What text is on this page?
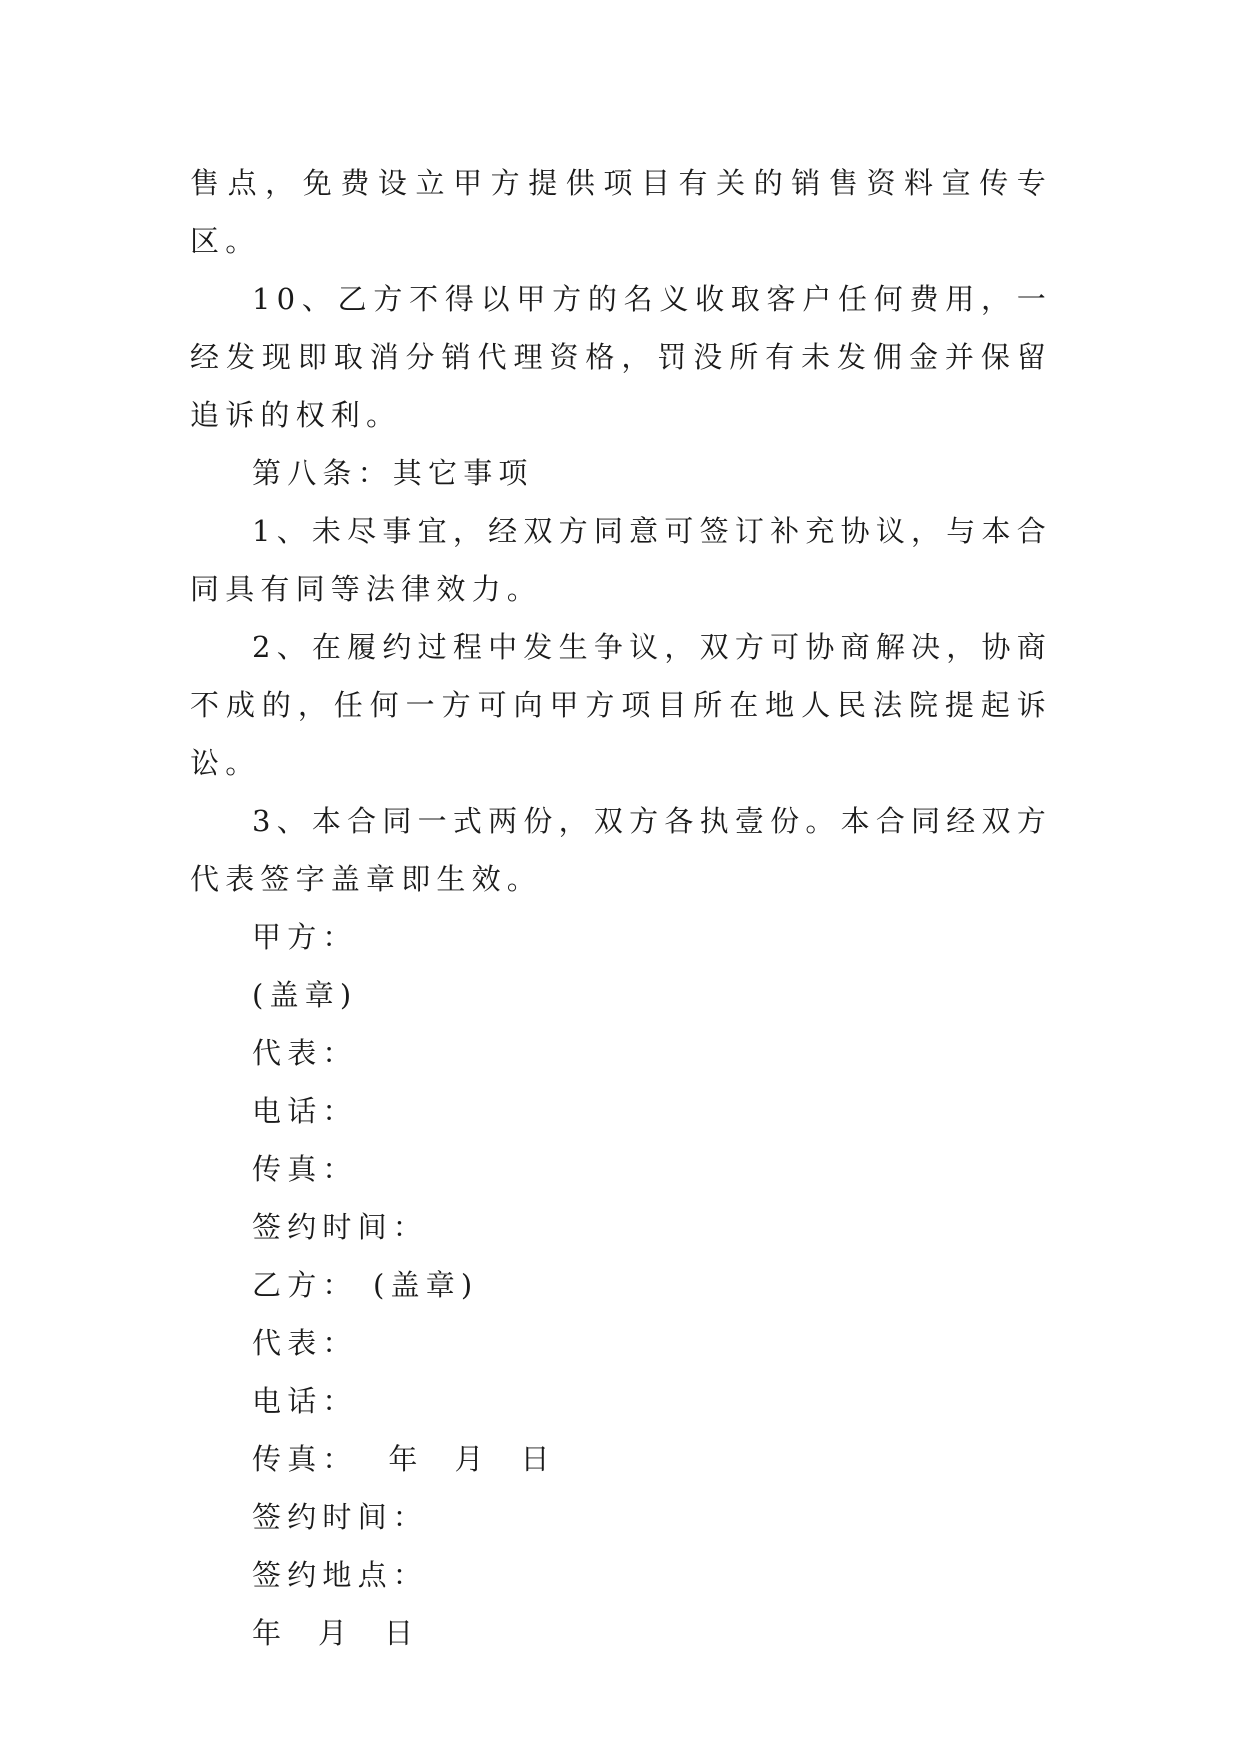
售点，免费设立甲方提供项目有关的销售资料宣传专区。

10、乙方不得以甲方的名义收取客户任何费用，一经发现即取消分销代理资格，罚没所有未发佣金并保留追诉的权利。

第八条：其它事项

1、未尽事宜，经双方同意可签订补充协议，与本合同具有同等法律效力。

2、在履约过程中发生争议，双方可协商解决，协商不成的，任何一方可向甲方项目所在地人民法院提起诉讼。

3、本合同一式两份，双方各执壹份。本合同经双方代表签字盖章即生效。

甲方：

(盖章)

代表：

电话：

传真：

签约时间：

乙方： (盖章)

代表：

电话：

传真：  年  月  日

签约时间：

签约地点：

年  月  日
